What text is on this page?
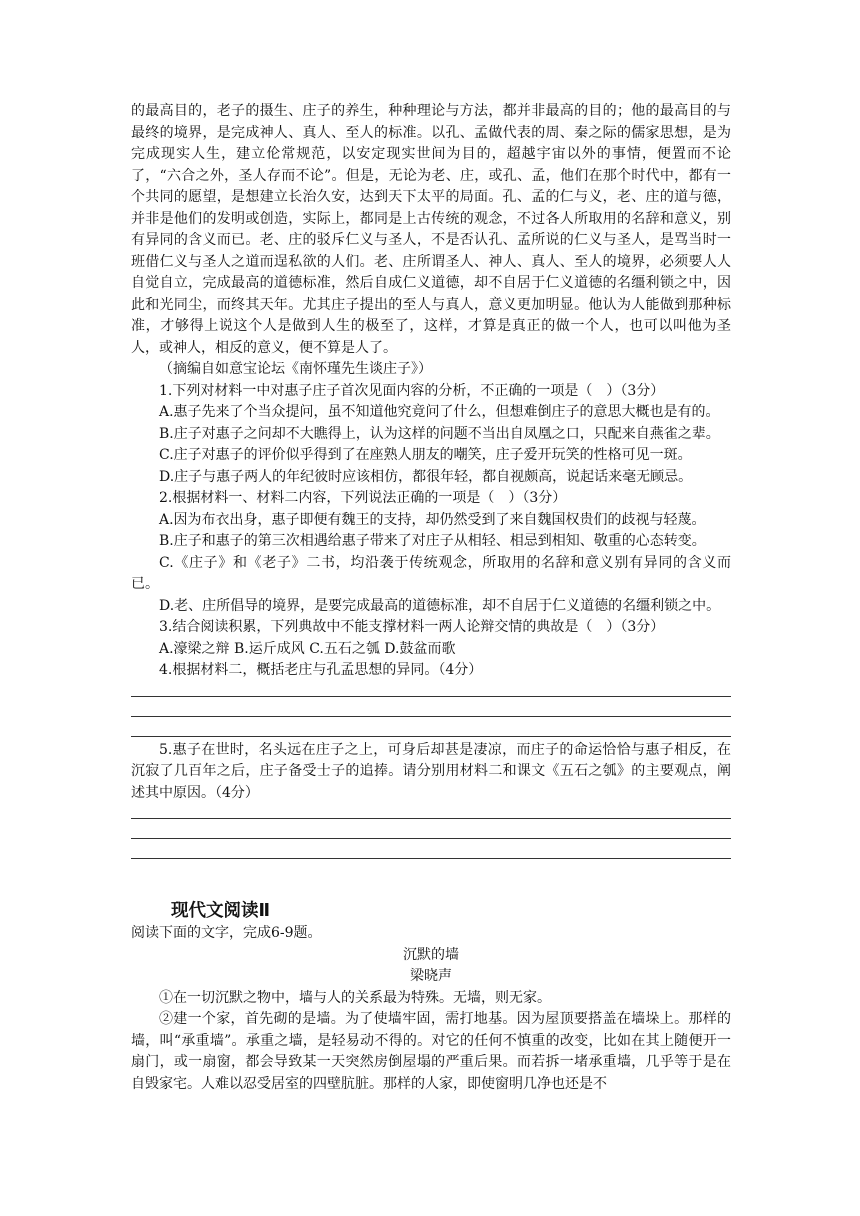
的最高目的，老子的摄生、庄子的养生，种种理论与方法，都并非最高的目的；他的最高目的与最终的境界，是完成神人、真人、至人的标准。以孔、孟做代表的周、秦之际的儒家思想，是为完成现实人生，建立伦常规范，以安定现实世间为目的，超越宇宙以外的事情，便置而不论了，“六合之外，圣人存而不论”。但是，无论为老、庄，或孔、孟，他们在那个时代中，都有一个共同的愿望，是想建立长治久安，达到天下太平的局面。孔、孟的仁与义，老、庄的道与德，并非是他们的发明或创造，实际上，都同是上古传统的观念，不过各人所取用的名辞和意义，别有异同的含义而已。老、庄的驳斥仁义与圣人，不是否认孔、孟所说的仁义与圣人，是骂当时一班借仁义与圣人之道而逞私欲的人们。老、庄所谓圣人、神人、真人、至人的境界，必须要人人自觉自立，完成最高的道德标准，然后自成仁义道德，却不自居于仁义道德的名缰利锁之中，因此和光同尘，而终其天年。尤其庄子提出的至人与真人，意义更加明显。他认为人能做到那种标准，才够得上说这个人是做到人生的极至了，这样，才算是真正的做一个人，也可以叫他为圣人，或神人，相反的意义，便不算是人了。

（摘编自如意宝论坛《南怀瑾先生谈庄子》）

1.下列对材料一中对惠子庄子首次见面内容的分析，不正确的一项是（　）（3分）

A.惠子先来了个当众提问，虽不知道他究竟问了什么，但想难倒庄子的意思大概也是有的。

B.庄子对惠子之问却不大瞧得上，认为这样的问题不当出自凤凰之口，只配来自燕雀之辈。

C.庄子对惠子的评价似乎得到了在座熟人朋友的嘲笑，庄子爱开玩笑的性格可见一斑。

D.庄子与惠子两人的年纪彼时应该相仿，都很年轻，都自视颇高，说起话来毫无顾忌。

2.根据材料一、材料二内容，下列说法正确的一项是（　）（3分）

A.因为布衣出身，惠子即便有魏王的支持，却仍然受到了来自魏国权贵们的歧视与轻蔑。

B.庄子和惠子的第三次相遇给惠子带来了对庄子从相轻、相忌到相知、敬重的心态转变。

C.《庄子》和《老子》二书，均沿袭于传统观念，所取用的名辞和意义别有异同的含义而已。

D.老、庄所倡导的境界，是要完成最高的道德标准，却不自居于仁义道德的名缰利锁之中。

3.结合阅读积累，下列典故中不能支撑材料一两人论辩交情的典故是（　）（3分）

A.濠梁之辩 B.运斤成风 C.五石之瓠 D.鼓盆而歌

4.根据材料二，概括老庄与孔孟思想的异同。（4分）

5.惠子在世时，名头远在庄子之上，可身后却甚是凄凉，而庄子的命运恰恰与惠子相反，在沉寂了几百年之后，庄子备受士子的追捧。请分别用材料二和课文《五石之瓠》的主要观点，阐述其中原因。（4分）

现代文阅读Ⅱ

阅读下面的文字，完成6-9题。

沉默的墙

梁晓声

①在一切沉默之物中，墙与人的关系最为特殊。无墙，则无家。

②建一个家，首先砌的是墙。为了使墙牢固，需打地基。因为屋顶要搭盖在墙垛上。那样的墙，叫“承重墙”。承重之墙，是轻易动不得的。对它的任何不慎重的改变，比如在其上随便开一扇门，或一扇窗，都会导致某一天突然房倒屋塌的严重后果。而若拆一堵承重墙，几乎等于是在自毁家宅。人难以忍受居室的四壁肮脏。那样的人家，即使窗明几净也还是不
